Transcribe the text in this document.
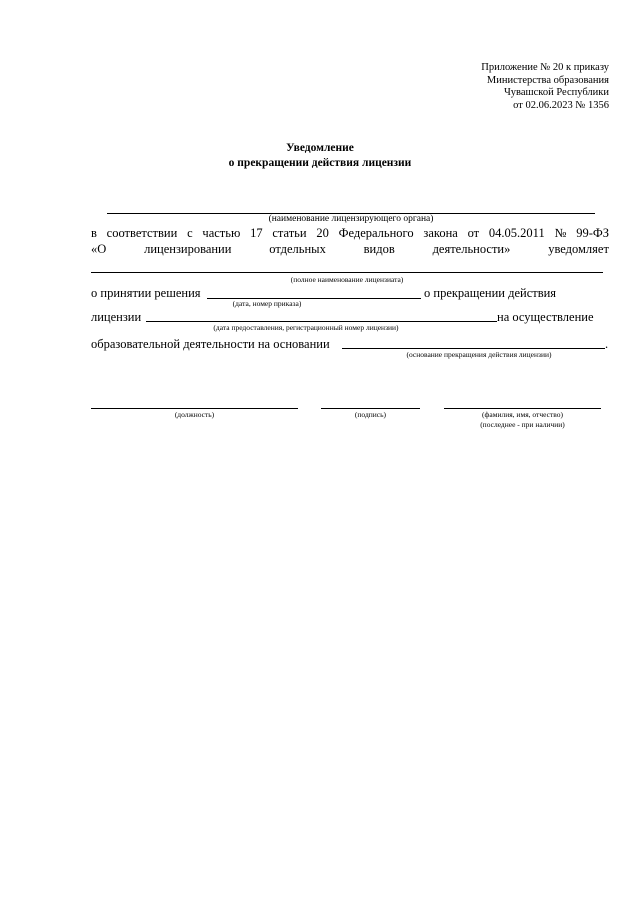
Приложение № 20 к приказу
Министерства образования
Чувашской Республики
от 02.06.2023 № 1356
Уведомление
о прекращении действия лицензии
(наименование лицензирующего органа)
в соответствии с частью 17 статьи 20 Федерального закона от 04.05.2011 № 99-ФЗ
«О	лицензировании	отдельных	видов	деятельности»	уведомляет
(полное наименование лицензиата)
о принятии решения	о прекращении действия
(дата, номер приказа)
лицензии	на осуществление
(дата предоставления, регистрационный номер лицензии)
образовательной деятельности на основании	.
(основание прекращения действия лицензии)
(должность)	(подпись)	(фамилия, имя, отчество)
(последнее - при наличии)
